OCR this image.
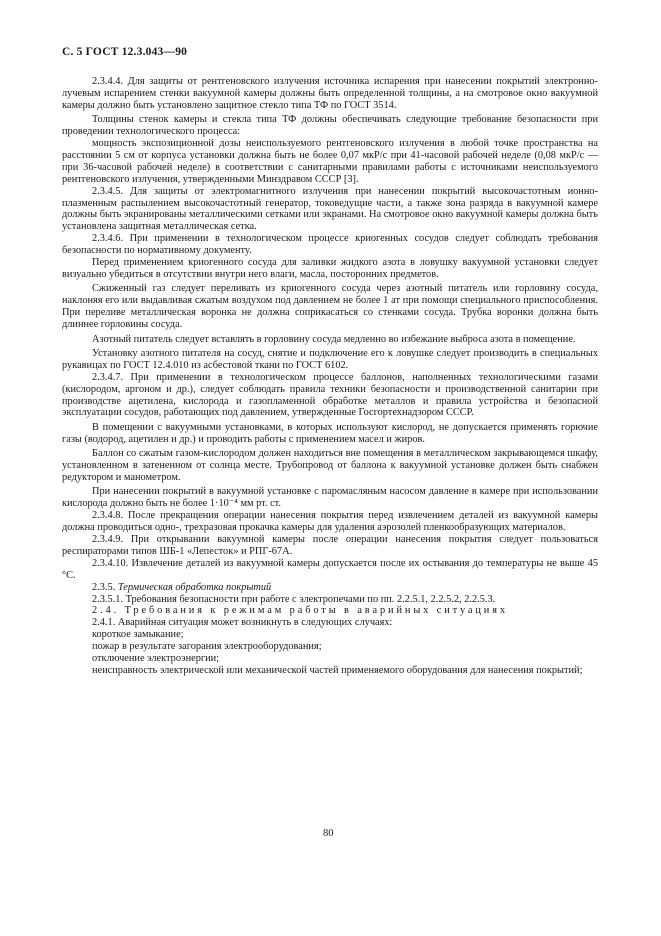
С. 5 ГОСТ 12.3.043—90

2.3.4.4. Для защиты от рентгеновского излучения источника испарения при нанесении покрытий электронно-лучевым испарением стенки вакуумной камеры должны быть определенной толщины, а на смотровое окно вакуумной камеры должно быть установлено защитное стекло типа ТФ по ГОСТ 3514.

Толщины стенок камеры и стекла типа ТФ должны обеспечивать следующие требование безопасности при проведении технологического процесса:

мощность экспозиционной дозы неиспользуемого рентгеновского излучения в любой точке пространства на расстоянии 5 см от корпуса установки должна быть не более 0,07 мкР/с при 41-часовой рабочей неделе (0,08 мкР/с — при 36-часовой рабочей неделе) в соответствии с санитарными правилами работы с источниками неиспользуемого рентгеновского излучения, утвержденными Минздравом СССР [3].

2.3.4.5. Для защиты от электромагнитного излучения при нанесении покрытий высокочастотным ионно-плазменным распылением высокочастотный генератор, токоведущие части, а также зона разряда в вакуумной камере должны быть экранированы металлическими сетками или экранами. На смотровое окно вакуумной камеры должна быть установлена защитная металлическая сетка.

2.3.4.6. При применении в технологическом процессе криогенных сосудов следует соблюдать требования безопасности по нормативному документу.

Перед применением криогенного сосуда для заливки жидкого азота в ловушку вакуумной установки следует визуально убедиться в отсутствии внутри него влаги, масла, посторонних предметов.

Сжиженный газ следует переливать из криогенного сосуда через азотный питатель или горловину сосуда, наклоняя его или выдавливая сжатым воздухом под давлением не более 1 ат при помощи специального приспособления. При переливе металлическая воронка не должна соприкасаться со стенками сосуда. Трубка воронки должна быть длиннее горловины сосуда.

Азотный питатель следует вставлять в горловину сосуда медленно во избежание выброса азота в помещение.

Установку азотного питателя на сосуд, снятие и подключение его к ловушке следует производить в специальных рукавицах по ГОСТ 12.4.010 из асбестовой ткани по ГОСТ 6102.

2.3.4.7. При применении в технологическом процессе баллонов, наполненных технологическими газами (кислородом, аргоном и др.), следует соблюдать правила техники безопасности и производственной санитарии при производстве ацетилена, кислорода и газопламенной обработке металлов и правила устройства и безопасной эксплуатации сосудов, работающих под давлением, утвержденные Госгортехнадзором СССР.

В помещении с вакуумными установками, в которых используют кислород, не допускается применять горючие газы (водород, ацетилен и др.) и проводить работы с применением масел и жиров.

Баллон со сжатым газом-кислородом должен находиться вне помещения в металлическом закрывающемся шкафу, установленном в затененном от солнца месте. Трубопровод от баллона к вакуумной установке должен быть снабжен редуктором и манометром.

При нанесении покрытий в вакуумной установке с паромасляным насосом давление в камере при использовании кислорода должно быть не более 1·10⁻⁴ мм рт. ст.

2.3.4.8. После прекращения операции нанесения покрытия перед извлечением деталей из вакуумной камеры должна проводиться одно-, трехразовая прокачка камеры для удаления аэрозолей пленкообразующих материалов.

2.3.4.9. При открывании вакуумной камеры после операции нанесения покрытия следует пользоваться респираторами типов ШБ-1 «Лепесток» и РПГ-67А.

2.3.4.10. Извлечение деталей из вакуумной камеры допускается после их остывания до температуры не выше 45 °С.

2.3.5. Термическая обработка покрытий

2.3.5.1. Требования безопасности при работе с электропечами по пп. 2.2.5.1, 2.2.5.2, 2.2.5.3.

2.4. Требования к режимам работы в аварийных ситуациях

2.4.1. Аварийная ситуация может возникнуть в следующих случаях:

короткое замыкание;

пожар в результате загорания электрооборудования;

отключение электроэнергии;

неисправность электрической или механической частей применяемого оборудования для нанесения покрытий;

80
